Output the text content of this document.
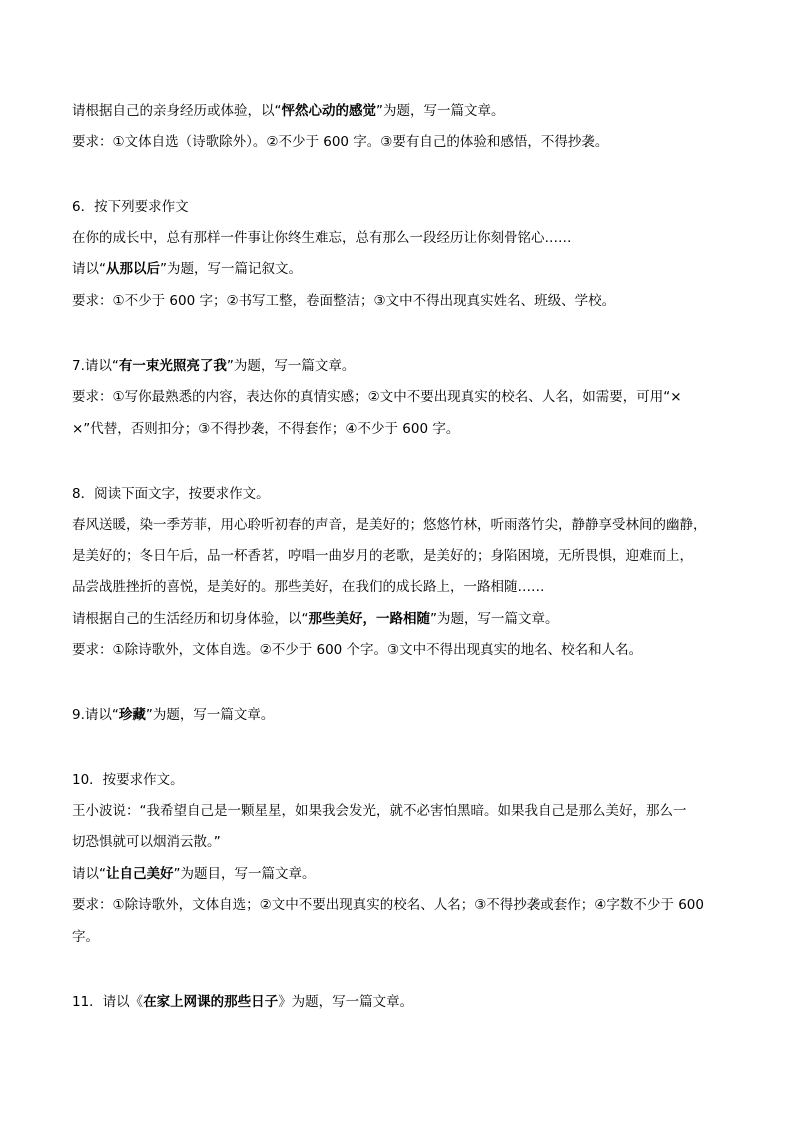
请根据自己的亲身经历或体验，以“怦然心动的感觉”为题，写一篇文章。
要求：①文体自选（诗歌除外）。②不少于 600 字。③要有自己的体验和感悟，不得抄袭。
6．按下列要求作文
在你的成长中，总有那样一件事让你终生难忘，总有那么一段经历让你刻骨铭心……
请以“从那以后”为题，写一篇记叙文。
要求：①不少于 600 字；②书写工整，卷面整洁；③文中不得出现真实姓名、班级、学校。
7.请以“有一束光照亮了我”为题，写一篇文章。
要求：①写你最熟悉的内容，表达你的真情实感；②文中不要出现真实的校名、人名，如需要，可用“×
×”代替，否则扣分；③不得抄袭，不得套作；④不少于 600 字。
8．阅读下面文字，按要求作文。
春风送暖，染一季芳菲，用心聆听初春的声音，是美好的；悠悠竹林，听雨落竹尖，静静享受林间的幽静，
是美好的；冬日午后，品一杯香茗，哼唱一曲岁月的老歌，是美好的；身陷困境，无所畏惧，迎难而上，
品尝战胜挫折的喜悦，是美好的。那些美好，在我们的成长路上，一路相随……
请根据自己的生活经历和切身体验，以“那些美好，一路相随”为题，写一篇文章。
要求：①除诗歌外，文体自选。②不少于 600 个字。③文中不得出现真实的地名、校名和人名。
9.请以“珍藏”为题，写一篇文章。
10．按要求作文。
王小波说：“我希望自己是一颗星星，如果我会发光，就不必害怕黑暗。如果我自己是那么美好，那么一
切恐惧就可以烟消云散。”
请以“让自己美好”为题目，写一篇文章。
要求：①除诗歌外，文体自选；②文中不要出现真实的校名、人名；③不得抄袭或套作；④字数不少于 600
字。
11．请以《在家上网课的那些日子》为题，写一篇文章。
